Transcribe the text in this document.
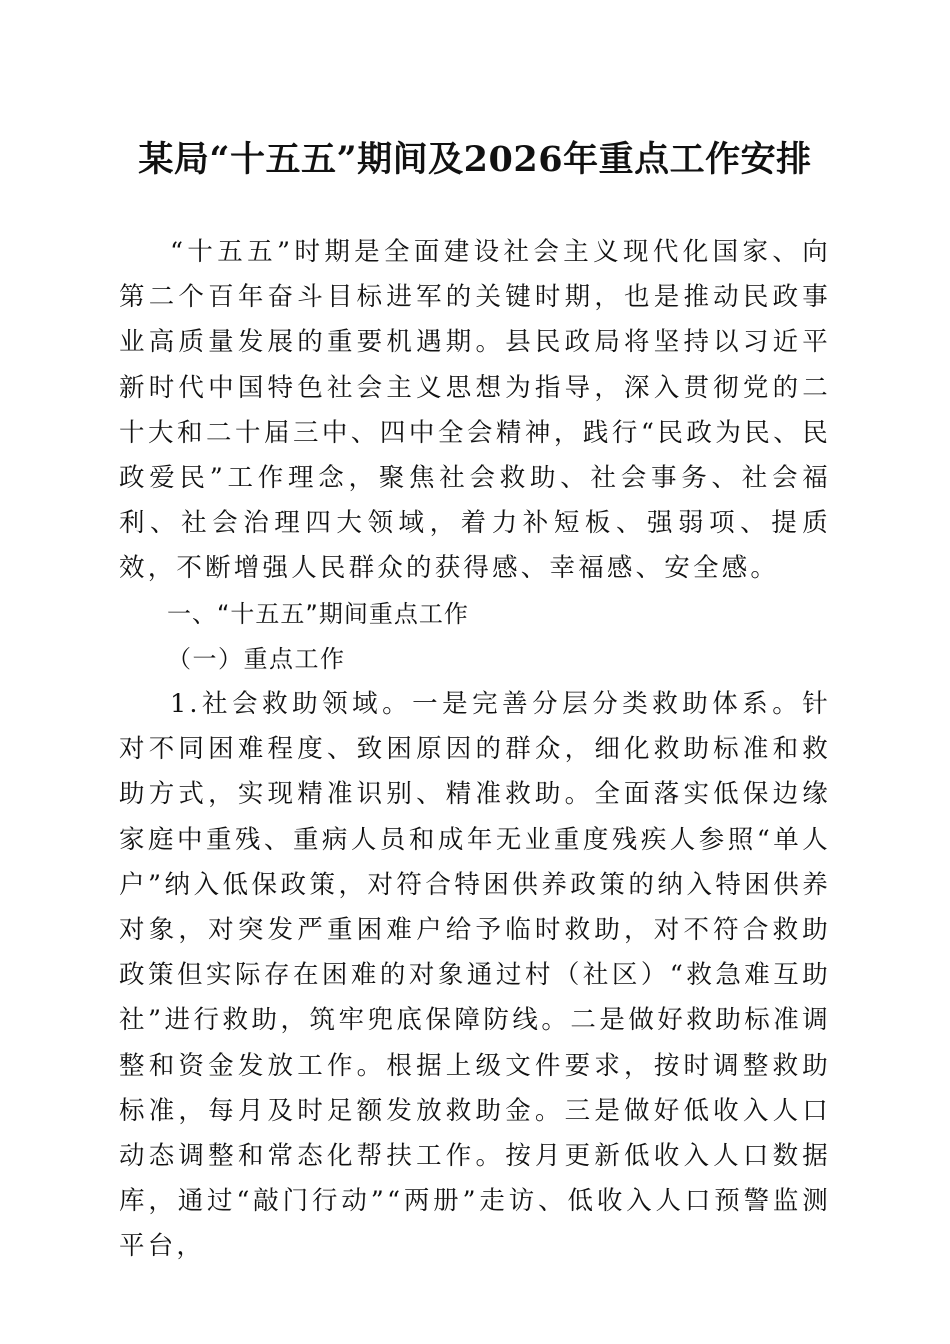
某局“十五五”期间及2026年重点工作安排

“十五五”时期是全面建设社会主义现代化国家、向第二个百年奋斗目标进军的关键时期，也是推动民政事业高质量发展的重要机遇期。县民政局将坚持以习近平新时代中国特色社会主义思想为指导，深入贯彻党的二十大和二十届三中、四中全会精神，践行“民政为民、民政爱民”工作理念，聚焦社会救助、社会事务、社会福利、社会治理四大领域，着力补短板、强弱项、提质效，不断增强人民群众的获得感、幸福感、安全感。

一、“十五五”期间重点工作

（一）重点工作

1.社会救助领域。一是完善分层分类救助体系。针对不同困难程度、致困原因的群众，细化救助标准和救助方式，实现精准识别、精准救助。全面落实低保边缘家庭中重残、重病人员和成年无业重度残疾人参照“单人户”纳入低保政策，对符合特困供养政策的纳入特困供养对象，对突发严重困难户给予临时救助，对不符合救助政策但实际存在困难的对象通过村（社区）“救急难互助社”进行救助，筑牢兜底保障防线。二是做好救助标准调整和资金发放工作。根据上级文件要求，按时调整救助标准，每月及时足额发放救助金。三是做好低收入人口动态调整和常态化帮扶工作。按月更新低收入人口数据库，通过“敲门行动”“两册”走访、低收入人口预警监测平台，
